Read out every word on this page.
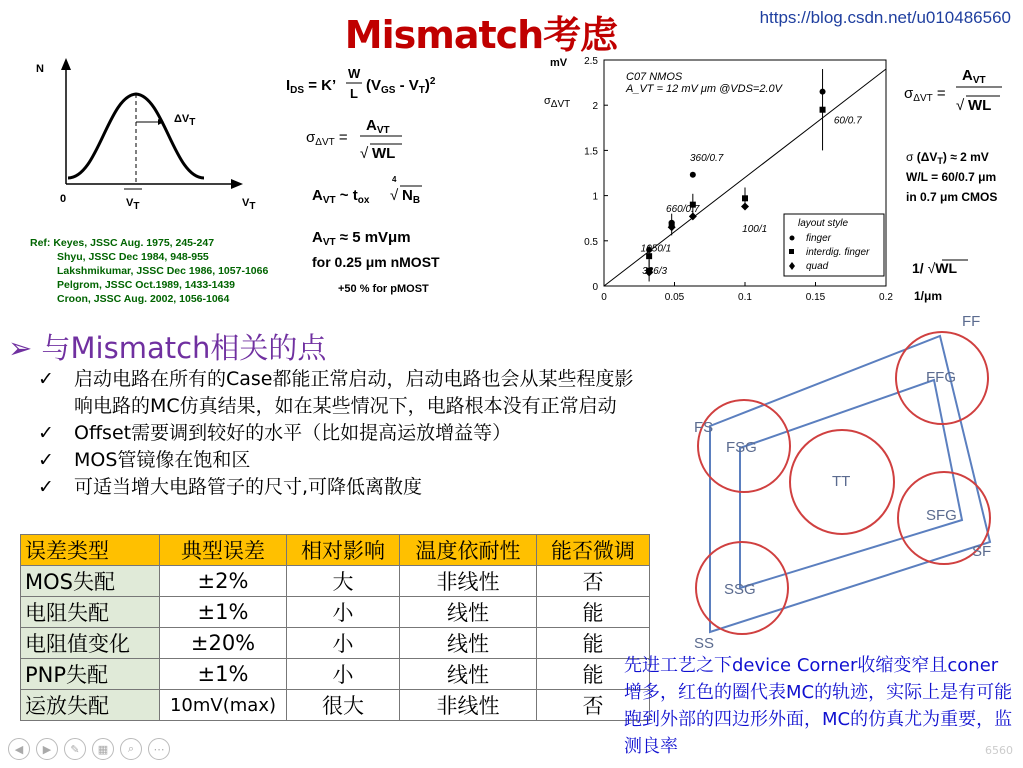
Mismatch考虑	https://blog.csdn.net/u010486560
N
0	VT	VT
ΔVT
$I_{DS} = K$’
W
L $(V_{GS} - V_T)^2$
$\sigma_{\Delta VT}$ =
$A_{VT}$
√ WL
$A_{VT}$ ~ $t_{ox}$
4
√ $N_B$
$A_{VT} \approx 5$ mVμm
for 0.25 μm nMOST
+50 % for pMOST
Ref: Keyes, JSSC Aug. 1975, 245-247
Shyu, JSSC Dec 1984, 948-955
Lakshmikumar, JSSC Dec 1986, 1057-1066
Pelgrom, JSSC Oct.1989, 1433-1439
Croon, JSSC Aug. 2002, 1056-1064
mV
σΔVT
0	0.05	0.1	0.15	0.2
0
0.5
1
1.5
2
2.5
1050/1
336/3
660/0.7
360/0.7
100/1
60/0.7
layout style
finger
interdig. finger
quad
C07 NMOS
A_VT = 12 mV μm @VDS=2.0V	$\sigma_{\Delta VT}$ =
$A_{VT}$
√ WL
σ $(\Delta V_T) \approx 2$ mV
W/L = 60/0.7 μm
in 0.7 μm CMOS
1/ √WL
1/μm
➢ 与Mismatch相关的点
✓	启动电路在所有的Case都能正常启动，启动电路也会从某些程度影响电路的MC仿真结果，如在某些情况下，电路根本没有正常启动
✓	Offset需要调到较好的水平（比如提高运放增益等）
✓	MOS管镜像在饱和区
✓	可适当增大电路管子的尺寸,可降低离散度
误差类型	典型误差	相对影响	温度依耐性	能否微调
MOS失配	±2%	大	非线性	否
电阻失配	±1%	小	线性	能
电阻值变化	±20%	小	线性	能
PNP失配	±1%	小	线性	能
运放失配	10mV(max)	很大	非线性	否
FF
FS
SF
SS
FFG
FSG
TT
SFG
SSG
先进工艺之下device Corner收缩变窄且coner增多，红色的圈代表MC的轨迹，实际上是有可能跑到外部的四边形外面，MC的仿真尤为重要，监测良率
◀	▶	✎	▦	⌕	⋯	6560
